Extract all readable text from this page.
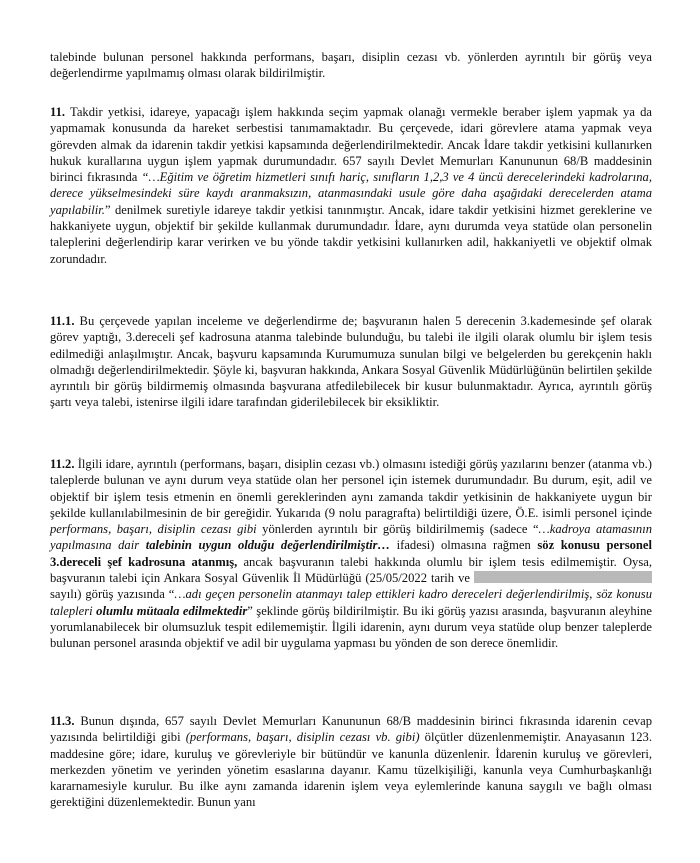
talebinde bulunan personel hakkında performans, başarı, disiplin cezası vb. yönlerden ayrıntılı bir görüş veya değerlendirme yapılmamış olması olarak bildirilmiştir.

11. Takdir yetkisi, idareye, yapacağı işlem hakkında seçim yapmak olanağı vermekle beraber işlem yapmak ya da yapmamak konusunda da hareket serbestisi tanımamaktadır. Bu çerçevede, idari görevlere atama yapmak veya görevden almak da idarenin takdir yetkisi kapsamında değerlendirilmektedir. Ancak İdare takdir yetkisini kullanırken hukuk kurallarına uygun işlem yapmak durumundadır. 657 sayılı Devlet Memurları Kanununun 68/B maddesinin birinci fıkrasında “…Eğitim ve öğretim hizmetleri sınıfı hariç, sınıfların 1,2,3 ve 4 üncü derecelerindeki kadrolarına, derece yükselmesindeki süre kaydı aranmaksızın, atanmasındaki usule göre daha aşağıdaki derecelerden atama yapılabilir.” denilmek suretiyle idareye takdir yetkisi tanınmıştır. Ancak, idare takdir yetkisini hizmet gereklerine ve hakkaniyete uygun, objektif bir şekilde kullanmak durumundadır. İdare, aynı durumda veya statüde olan personelin taleplerini değerlendirip karar verirken ve bu yönde takdir yetkisini kullanırken adil, hakkaniyetli ve objektif olmak zorundadır.

11.1. Bu çerçevede yapılan inceleme ve değerlendirme de; başvuranın halen 5 derecenin 3.kademesinde şef olarak görev yaptığı, 3.dereceli şef kadrosuna atanma talebinde bulunduğu, bu talebi ile ilgili olarak olumlu bir işlem tesis edilmediği anlaşılmıştır. Ancak, başvuru kapsamında Kurumumuza sunulan bilgi ve belgelerden bu gerekçenin haklı olmadığı değerlendirilmektedir. Şöyle ki, başvuran hakkında, Ankara Sosyal Güvenlik Müdürlüğünün belirtilen şekilde ayrıntılı bir görüş bildirmemiş olmasında başvurana atfedilebilecek bir kusur bulunmaktadır. Ayrıca, ayrıntılı görüş şartı veya talebi, istenirse ilgili idare tarafından giderilebilecek bir eksikliktir.

11.2. İlgili idare, ayrıntılı (performans, başarı, disiplin cezası vb.) olmasını istediği görüş yazılarını benzer (atanma vb.) taleplerde bulunan ve aynı durum veya statüde olan her personel için istemek durumundadır. Bu durum, eşit, adil ve objektif bir işlem tesis etmenin en önemli gereklerinden aynı zamanda takdir yetkisinin de hakkaniyete uygun bir şekilde kullanılabilmesinin de bir gereğidir. Yukarıda (9 nolu paragrafta) belirtildiği üzere, Ö.E. isimli personel içinde performans, başarı, disiplin cezası gibi yönlerden ayrıntılı bir görüş bildirilmemiş (sadece “…kadroya atamasının yapılmasına dair talebinin uygun olduğu değerlendirilmiştir… ifadesi) olmasına rağmen söz konusu personel 3.dereceli şef kadrosuna atanmış, ancak başvuranın talebi hakkında olumlu bir işlem tesis edilmemiştir. Oysa, başvuranın talebi için Ankara Sosyal Güvenlik İl Müdürlüğü (25/05/2022 tarih ve sayılı) görüş yazısında “…adı geçen personelin atanmayı talep ettikleri kadro dereceleri değerlendirilmiş, söz konusu talepleri olumlu mütaala edilmektedir” şeklinde görüş bildirilmiştir. Bu iki görüş yazısı arasında, başvuranın aleyhine yorumlanabilecek bir olumsuzluk tespit edilememiştir. İlgili idarenin, aynı durum veya statüde olup benzer taleplerde bulunan personel arasında objektif ve adil bir uygulama yapması bu yönden de son derece önemlidir.

11.3. Bunun dışında, 657 sayılı Devlet Memurları Kanununun 68/B maddesinin birinci fıkrasında idarenin cevap yazısında belirtildiği gibi (performans, başarı, disiplin cezası vb. gibi) ölçütler düzenlenmemiştir. Anayasanın 123. maddesine göre; idare, kuruluş ve görevleriyle bir bütündür ve kanunla düzenlenir. İdarenin kuruluş ve görevleri, merkezden yönetim ve yerinden yönetim esaslarına dayanır. Kamu tüzelkişiliği, kanunla veya Cumhurbaşkanlığı kararnamesiyle kurulur. Bu ilke aynı zamanda idarenin işlem veya eylemlerinde kanuna saygılı ve bağlı olması gerektiğini düzenlemektedir. Bunun yanı
